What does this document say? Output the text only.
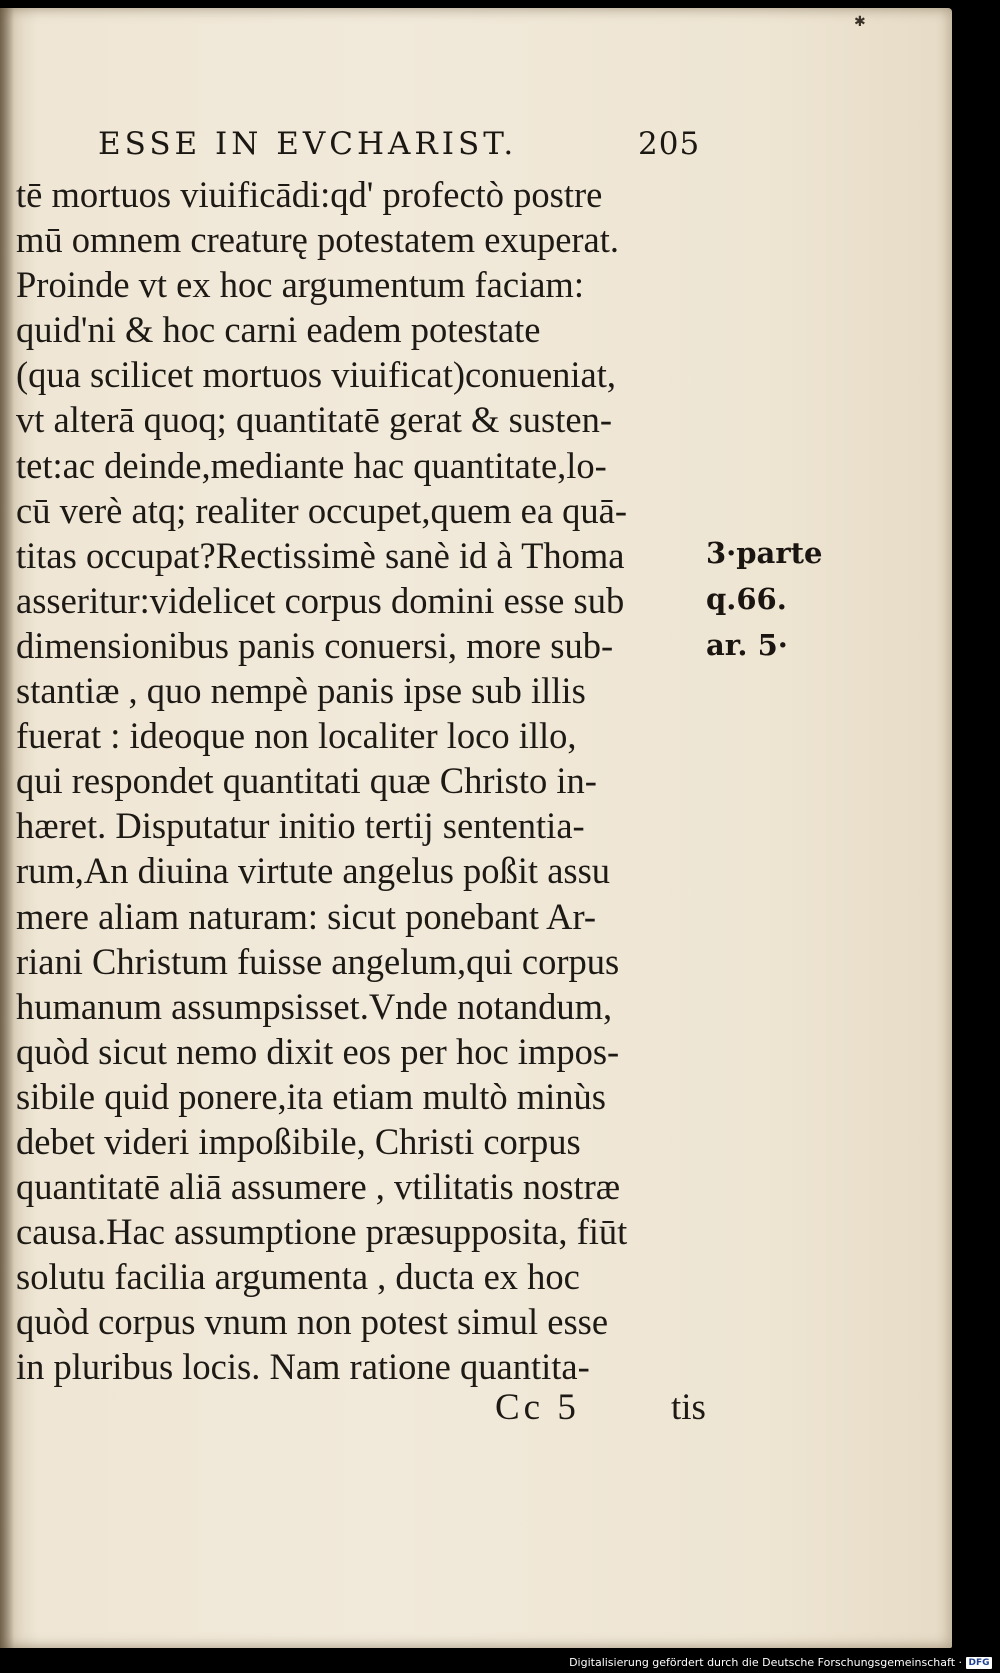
✱
ESSE IN EVCHARIST.	205
tē mortuos viuificādi:qd' profectò postre
mū omnem creaturę potestatem exuperat.
Proinde vt ex hoc argumentum faciam:
quid'ni & hoc carni eadem potestate
(qua scilicet mortuos viuificat)conueniat,
vt alterā quoq; quantitatē gerat & susten-
tet:ac deinde,mediante hac quantitate,lo-
cū verè atq; realiter occupet,quem ea quā-
titas occupat?Rectissimè sanè id à Thoma
asseritur:videlicet corpus domini esse sub
dimensionibus panis conuersi, more sub-
stantiæ , quo nempè panis ipse sub illis
fuerat : ideoque non localiter loco illo,
qui respondet quantitati quæ Christo in-
hæret. Disputatur initio tertij sententia-
rum,An diuina virtute angelus poßit assu
mere aliam naturam: sicut ponebant Ar-
riani Christum fuisse angelum,qui corpus
humanum assumpsisset.Vnde notandum,
quòd sicut nemo dixit eos per hoc impos-
sibile quid ponere,ita etiam multò minùs
debet videri impoßibile, Christi corpus
quantitatē aliā assumere , vtilitatis nostræ
causa.Hac assumptione præsupposita, fiūt
solutu facilia argumenta , ducta ex hoc
quòd corpus vnum non potest simul esse
in pluribus locis. Nam ratione quantita-
3·parte
q.66.
ar. 5·
Cc 5 tis
Digitalisierung gefördert durch die Deutsche Forschungsgemeinschaft · DFG
